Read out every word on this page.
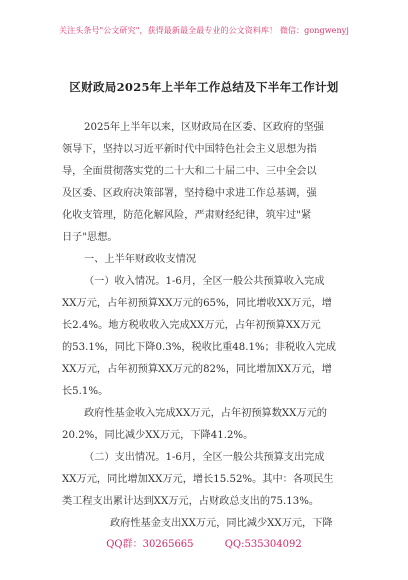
关注头条号"公文研究"，获得最新最全最专业的公文资料库！ 微信：gongwenyj
区财政局2025年上半年工作总结及下半年工作计划
2025年上半年以来，区财政局在区委、区政府的坚强
领导下，坚持以习近平新时代中国特色社会主义思想为指
导，全面贯彻落实党的二十大和二十届二中、三中全会以
及区委、区政府决策部署，坚持稳中求进工作总基调，强
化收支管理，防范化解风险，严肃财经纪律，筑牢过"紧
日子"思想。
一、上半年财政收支情况
（一）收入情况。1-6月，全区一般公共预算收入完成
XX万元，占年初预算XX万元的65%，同比增收XX万元，增
长2.4%。地方税收收入完成XX万元，占年初预算XX万元
的53.1%，同比下降0.3%，税收比重48.1%；非税收入完成
XX万元，占年初预算XX万元的82%，同比增加XX万元，增
长5.1%。
政府性基金收入完成XX万元，占年初预算数XX万元的
20.2%，同比减少XX万元，下降41.2%。
（二）支出情况。1-6月，全区一般公共预算支出完成
XX万元，同比增加XX万元，增长15.52%。其中：各项民生
类工程支出累计达到XX万元，占财政总支出的75.13%。
政府性基金支出XX万元，同比减少XX万元，下降
QQ群：30265665	QQ:535304092
